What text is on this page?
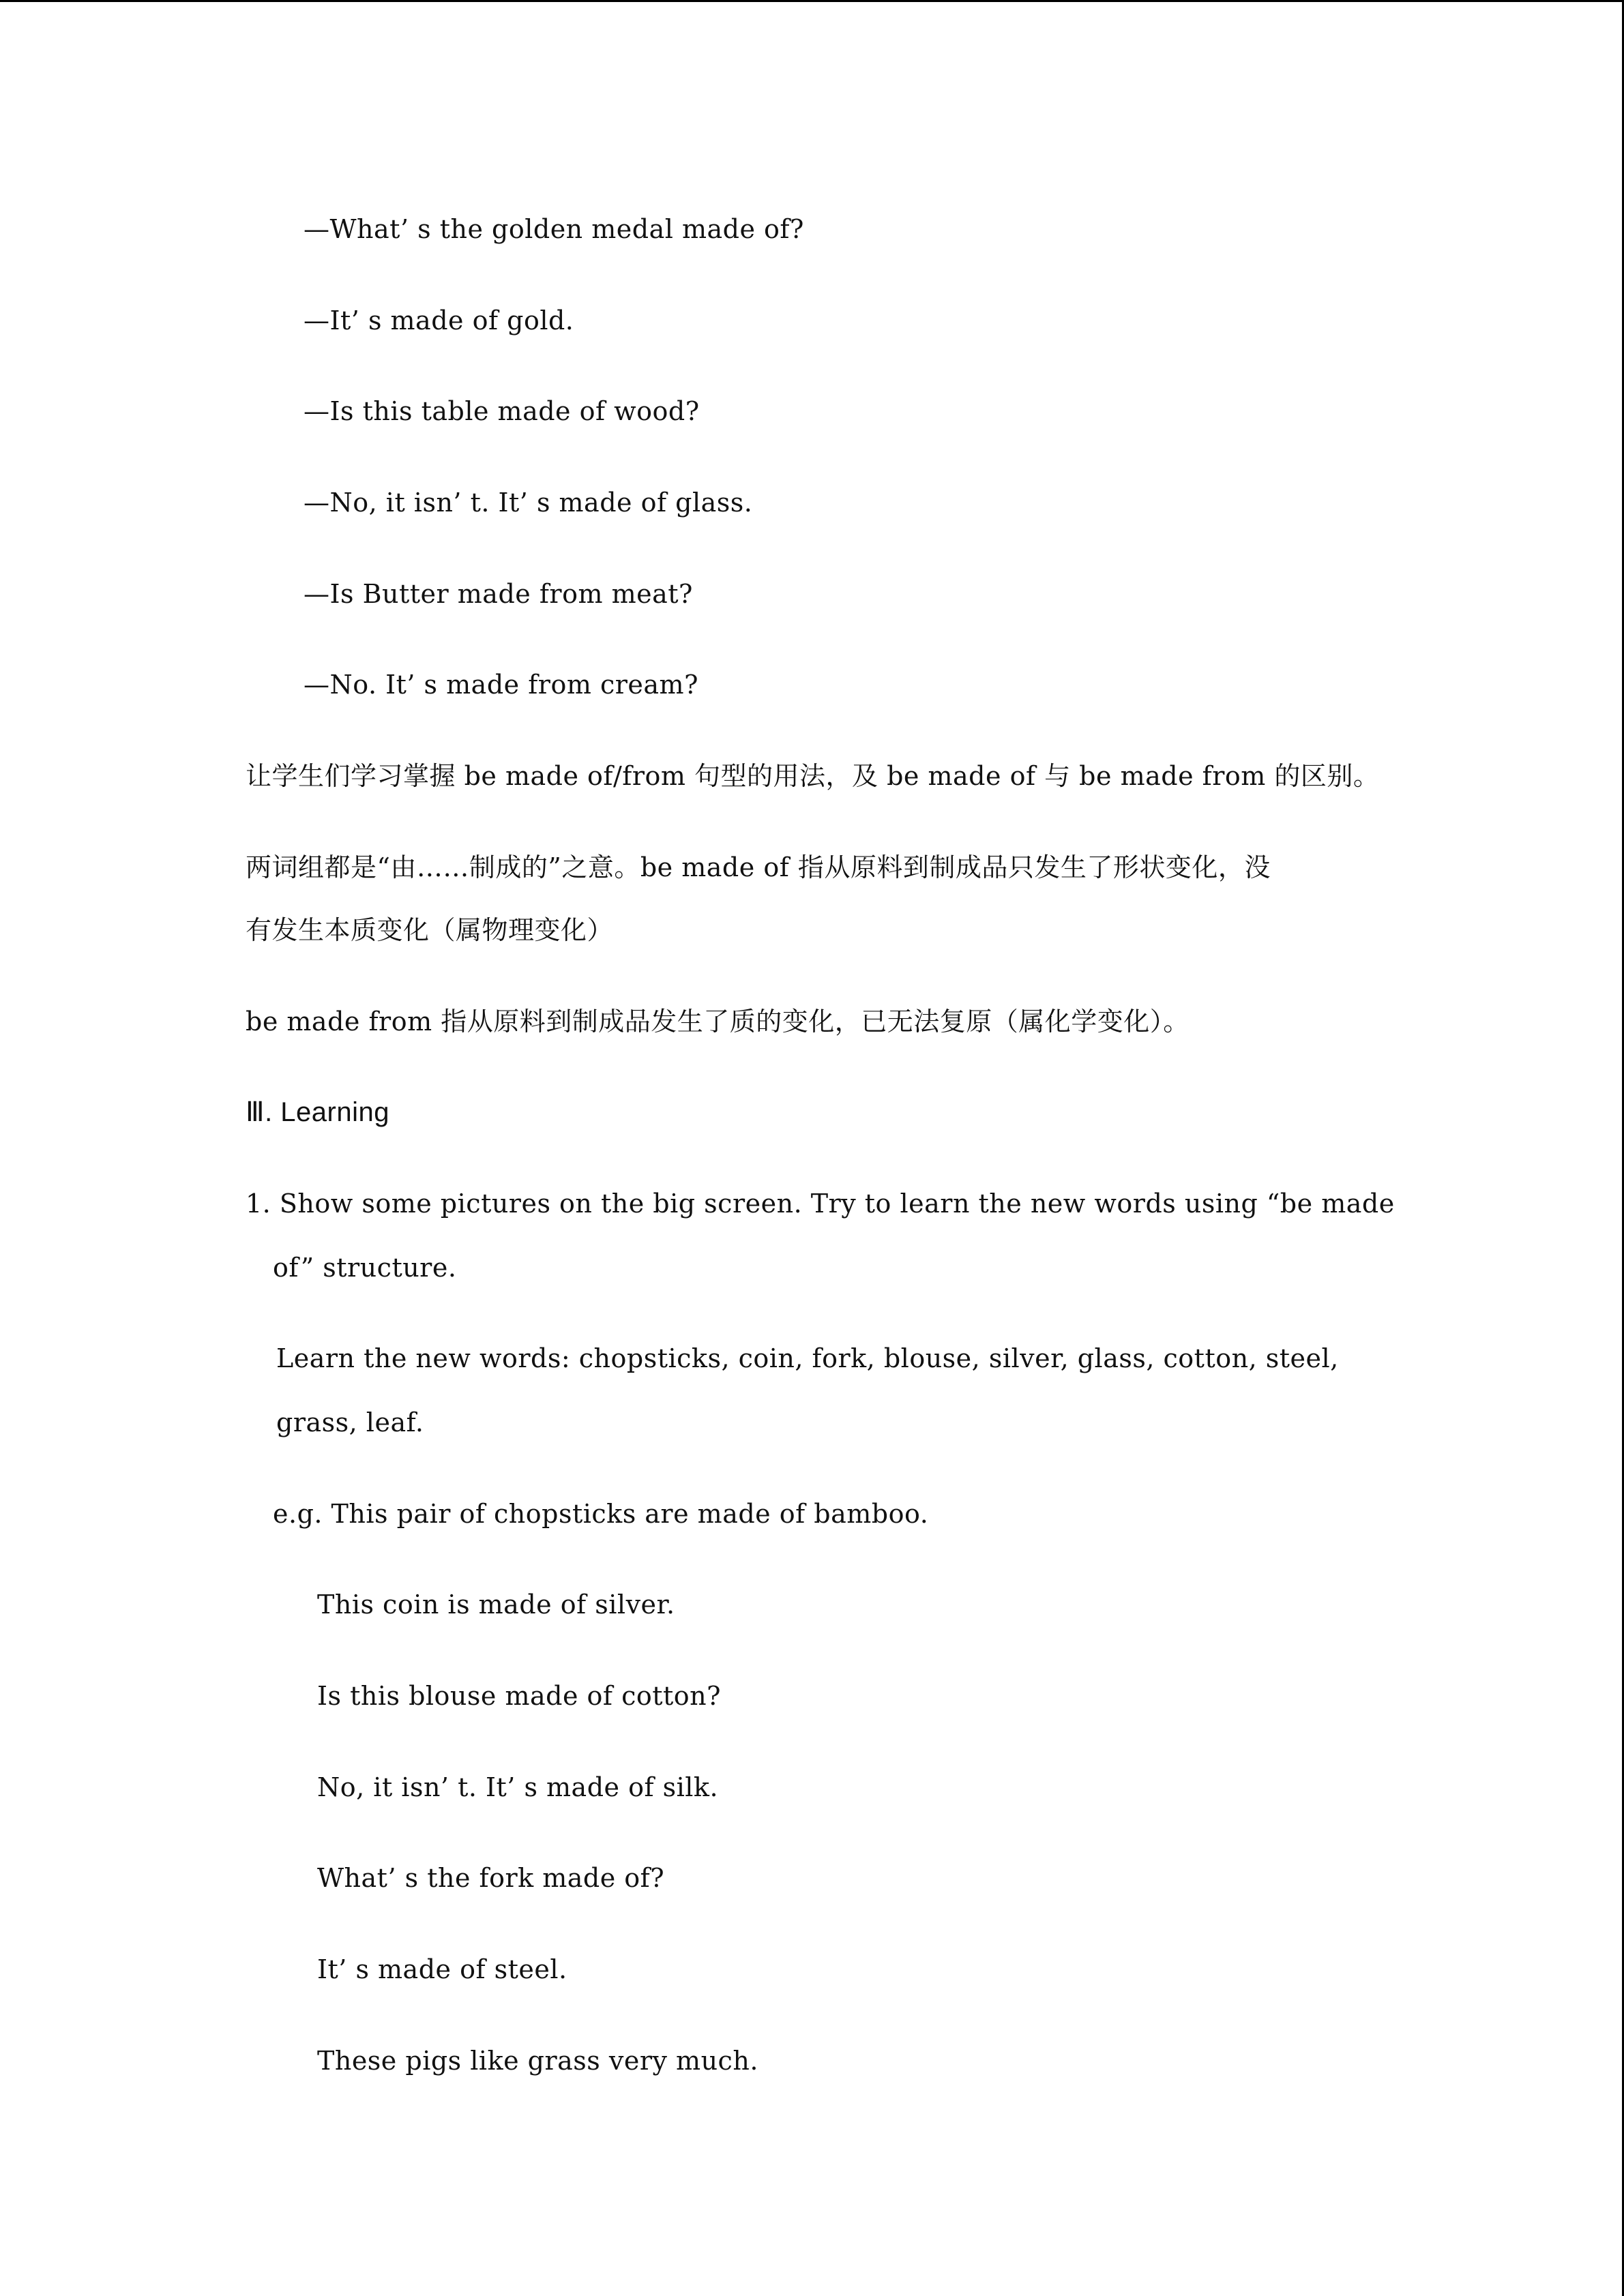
—What’ s the golden medal made of?
—It’ s made of gold.
—Is this table made of wood?
—No, it isn’ t. It’ s made of glass.
—Is Butter made from meat?
—No. It’ s made from cream?
让学生们学习掌握 be made of/from 句型的用法，及 be made of 与 be made from 的区别。
两词组都是“由……制成的”之意。be made of 指从原料到制成品只发生了形状变化，没
有发生本质变化（属物理变化）
be made from 指从原料到制成品发生了质的变化，已无法复原（属化学变化）。
Ⅲ. Learning
1. Show some pictures on the big screen. Try to learn the new words using “be made
of” structure.
Learn the new words: chopsticks, coin, fork, blouse, silver, glass, cotton, steel,
grass, leaf.
e.g. This pair of chopsticks are made of bamboo.
This coin is made of silver.
Is this blouse made of cotton?
No, it isn’ t. It’ s made of silk.
What’ s the fork made of?
It’ s made of steel.
These pigs like grass very much.
